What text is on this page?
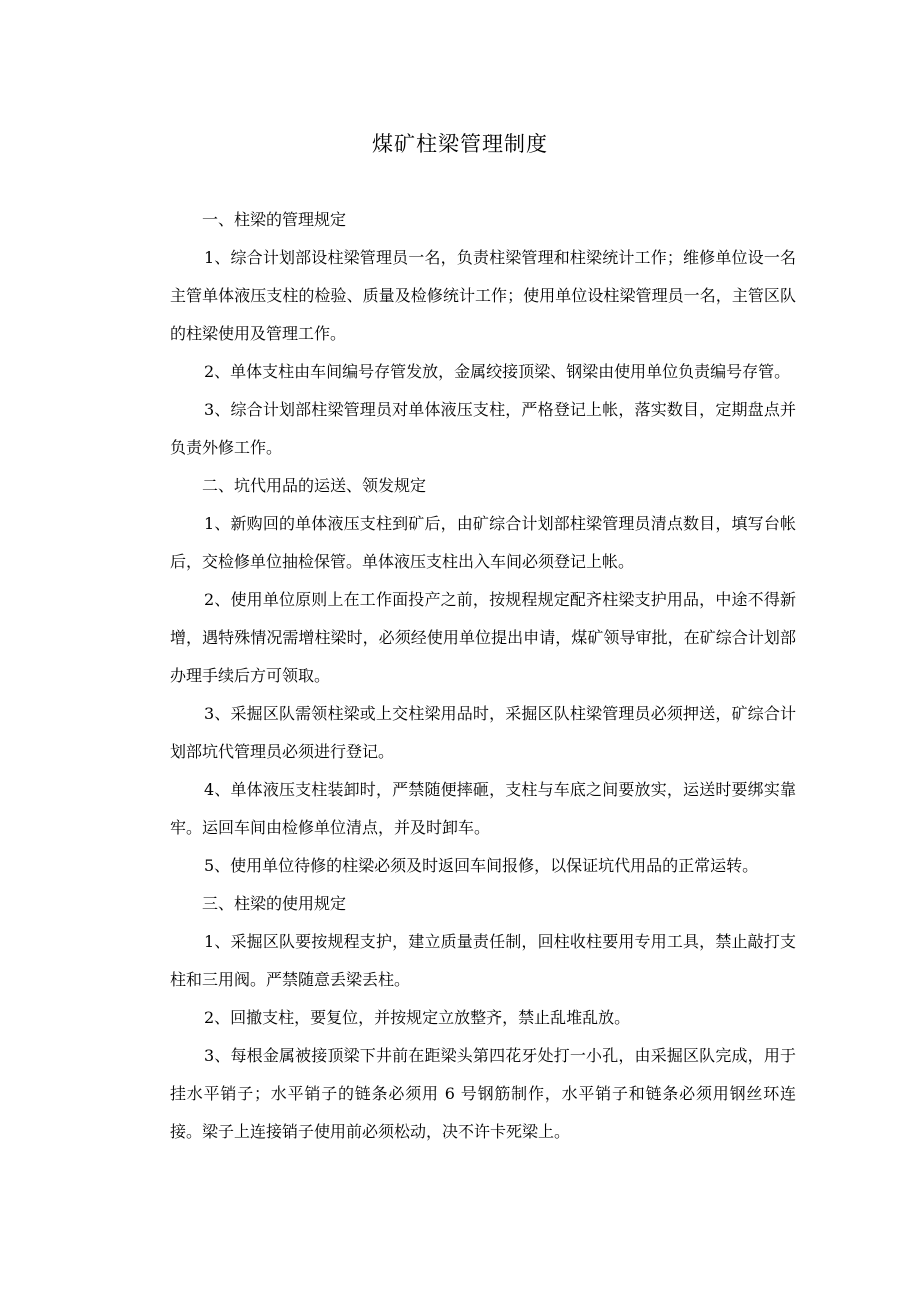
煤矿柱梁管理制度

一、柱梁的管理规定

1、综合计划部设柱梁管理员一名，负责柱梁管理和柱梁统计工作；维修单位设一名主管单体液压支柱的检验、质量及检修统计工作；使用单位设柱梁管理员一名，主管区队的柱梁使用及管理工作。

2、单体支柱由车间编号存管发放，金属绞接顶梁、钢梁由使用单位负责编号存管。

3、综合计划部柱梁管理员对单体液压支柱，严格登记上帐，落实数目，定期盘点并负责外修工作。

二、坑代用品的运送、领发规定

1、新购回的单体液压支柱到矿后，由矿综合计划部柱梁管理员清点数目，填写台帐后，交检修单位抽检保管。单体液压支柱出入车间必须登记上帐。

2、使用单位原则上在工作面投产之前，按规程规定配齐柱梁支护用品，中途不得新增，遇特殊情况需增柱梁时，必须经使用单位提出申请，煤矿领导审批，在矿综合计划部办理手续后方可领取。

3、采掘区队需领柱梁或上交柱梁用品时，采掘区队柱梁管理员必须押送，矿综合计划部坑代管理员必须进行登记。

4、单体液压支柱装卸时，严禁随便摔砸，支柱与车底之间要放实，运送时要绑实靠牢。运回车间由检修单位清点，并及时卸车。

5、使用单位待修的柱梁必须及时返回车间报修，以保证坑代用品的正常运转。

三、柱梁的使用规定

1、采掘区队要按规程支护，建立质量责任制，回柱收柱要用专用工具，禁止敲打支柱和三用阀。严禁随意丢梁丢柱。

2、回撤支柱，要复位，并按规定立放整齐，禁止乱堆乱放。

3、每根金属被接顶梁下井前在距梁头第四花牙处打一小孔，由采掘区队完成，用于挂水平销子；水平销子的链条必须用 6 号钢筋制作，水平销子和链条必须用钢丝环连接。梁子上连接销子使用前必须松动，决不许卡死梁上。
